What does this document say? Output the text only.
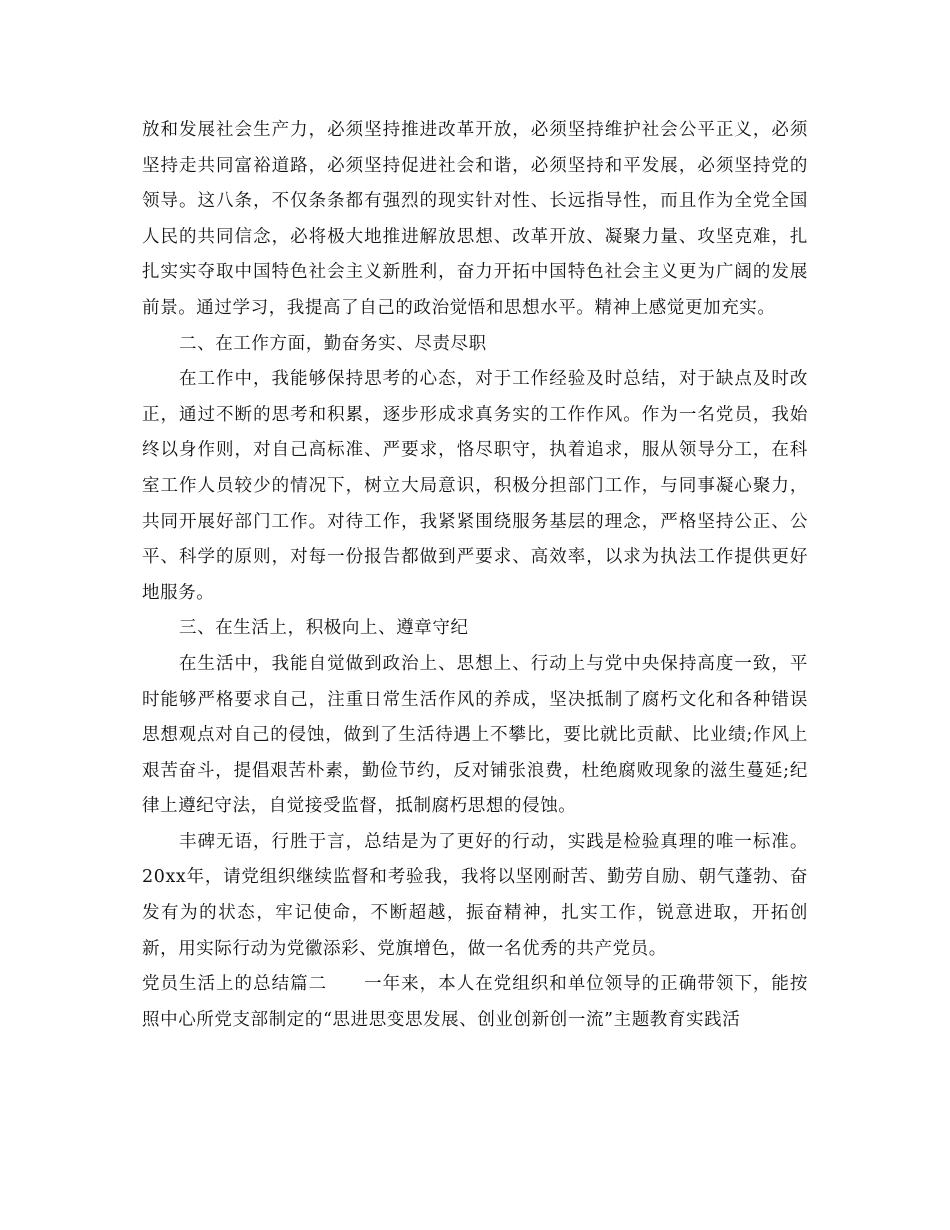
放和发展社会生产力，必须坚持推进改革开放，必须坚持维护社会公平正义，必须坚持走共同富裕道路，必须坚持促进社会和谐，必须坚持和平发展，必须坚持党的领导。这八条，不仅条条都有强烈的现实针对性、长远指导性，而且作为全党全国人民的共同信念，必将极大地推进解放思想、改革开放、凝聚力量、攻坚克难，扎扎实实夺取中国特色社会主义新胜利，奋力开拓中国特色社会主义更为广阔的发展前景。通过学习，我提高了自己的政治觉悟和思想水平。精神上感觉更加充实。

二、在工作方面，勤奋务实、尽责尽职

在工作中，我能够保持思考的心态，对于工作经验及时总结，对于缺点及时改正，通过不断的思考和积累，逐步形成求真务实的工作作风。作为一名党员，我始终以身作则，对自己高标准、严要求，恪尽职守，执着追求，服从领导分工，在科室工作人员较少的情况下，树立大局意识，积极分担部门工作，与同事凝心聚力，共同开展好部门工作。对待工作，我紧紧围绕服务基层的理念，严格坚持公正、公平、科学的原则，对每一份报告都做到严要求、高效率，以求为执法工作提供更好地服务。

三、在生活上，积极向上、遵章守纪

在生活中，我能自觉做到政治上、思想上、行动上与党中央保持高度一致，平时能够严格要求自己，注重日常生活作风的养成，坚决抵制了腐朽文化和各种错误思想观点对自己的侵蚀，做到了生活待遇上不攀比，要比就比贡献、比业绩;作风上艰苦奋斗，提倡艰苦朴素，勤俭节约，反对铺张浪费，杜绝腐败现象的滋生蔓延;纪律上遵纪守法，自觉接受监督，抵制腐朽思想的侵蚀。

丰碑无语，行胜于言，总结是为了更好的行动，实践是检验真理的唯一标准。20xx年，请党组织继续监督和考验我，我将以坚刚耐苦、勤劳自励、朝气蓬勃、奋发有为的状态，牢记使命，不断超越，振奋精神，扎实工作，锐意进取，开拓创新，用实际行动为党徽添彩、党旗增色，做一名优秀的共产党员。

党员生活上的总结篇二　　一年来，本人在党组织和单位领导的正确带领下，能按照中心所党支部制定的“思进思变思发展、创业创新创一流”主题教育实践活
